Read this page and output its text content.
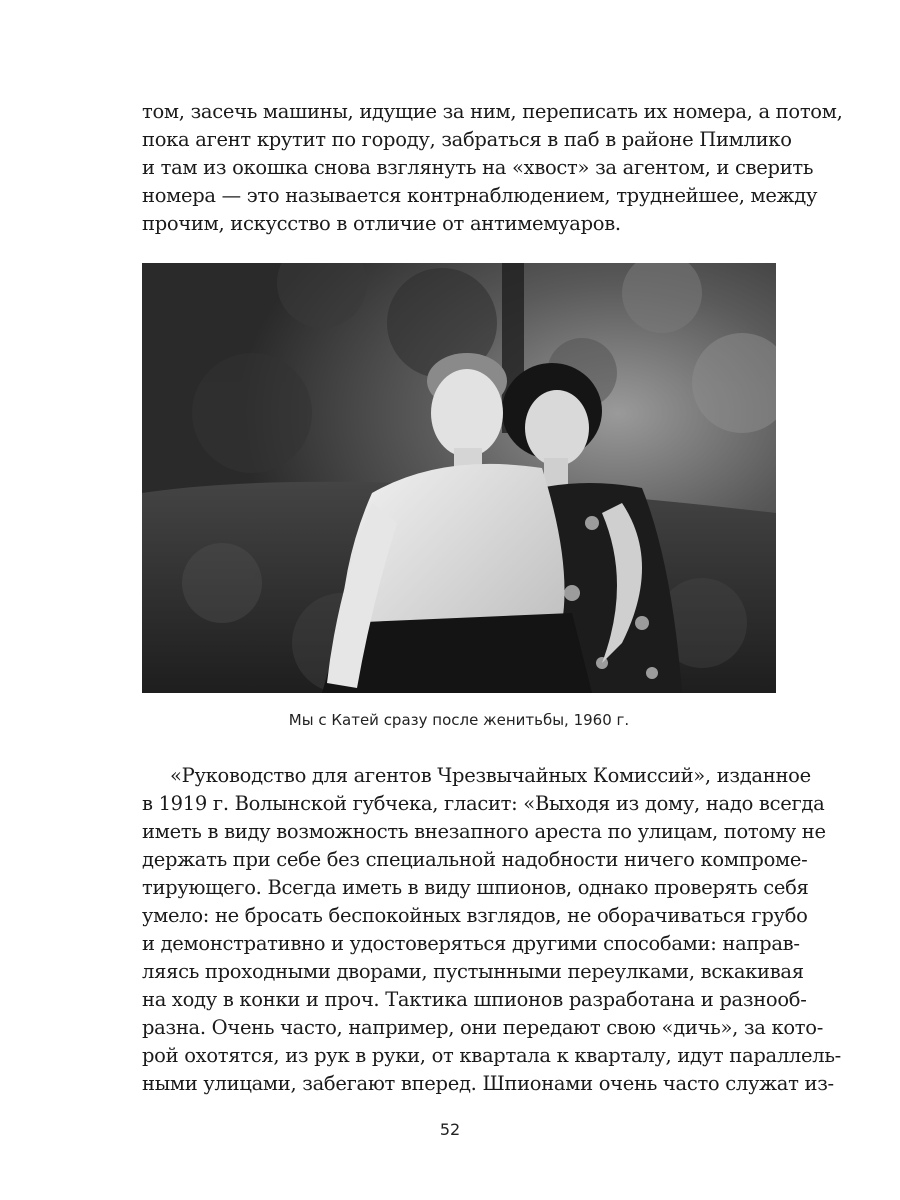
том, засечь машины, идущие за ним, переписать их номера, а потом,
пока агент крутит по городу, забраться в паб в районе Пимлико
и там из окошка снова взглянуть на «хвост» за агентом, и сверить
номера — это называется контрнаблюдением, труднейшее, между
прочим, искусство в отличие от антимемуаров.
Мы с Катей сразу после женитьбы, 1960 г.
«Руководство для агентов Чрезвычайных Комиссий», изданное
в 1919 г. Волынской губчека, гласит: «Выходя из дому, надо всегда
иметь в виду возможность внезапного ареста по улицам, потому не
держать при себе без специальной надобности ничего компроме-
тирующего. Всегда иметь в виду шпионов, однако проверять себя
умело: не бросать беспокойных взглядов, не оборачиваться грубо
и демонстративно и удостоверяться другими способами: направ-
ляясь проходными дворами, пустынными переулками, вскакивая
на ходу в конки и проч. Тактика шпионов разработана и разнооб-
разна. Очень часто, например, они передают свою «дичь», за кото-
рой охотятся, из рук в руки, от квартала к кварталу, идут параллель-
ными улицами, забегают вперед. Шпионами очень часто служат из-
52
